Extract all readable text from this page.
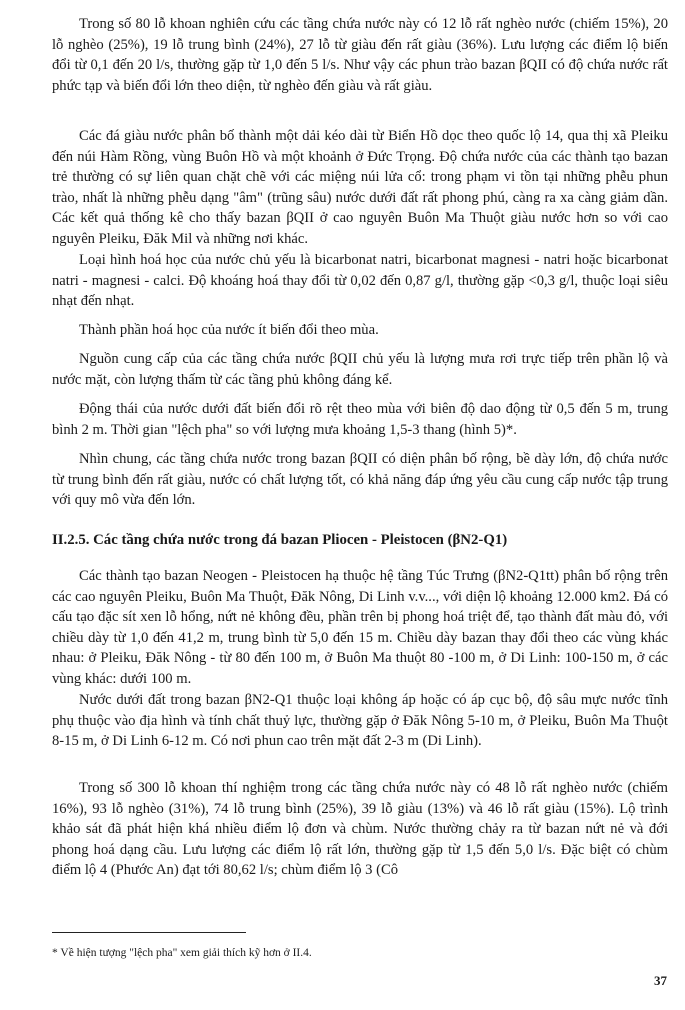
Trong số 80 lỗ khoan nghiên cứu các tầng chứa nước này có 12 lỗ rất nghèo nước (chiếm 15%), 20 lỗ nghèo (25%), 19 lỗ trung bình (24%), 27 lỗ từ giàu đến rất giàu (36%). Lưu lượng các điểm lộ biến đổi từ 0,1 đến 20 l/s, thường gặp từ 1,0 đến 5 l/s. Như vậy các phun trào bazan βQII có độ chứa nước rất phức tạp và biến đổi lớn theo diện, từ nghèo đến giàu và rất giàu.

Các đá giàu nước phân bố thành một dải kéo dài từ Biển Hồ dọc theo quốc lộ 14, qua thị xã Pleiku đến núi Hàm Rồng, vùng Buôn Hồ và một khoảnh ở Đức Trọng. Độ chứa nước của các thành tạo bazan trẻ thường có sự liên quan chặt chẽ với các miệng núi lửa cổ: trong phạm vi tồn tại những phễu phun trào, nhất là những phễu dạng "âm" (trũng sâu) nước dưới đất rất phong phú, càng ra xa càng giảm dần. Các kết quả thống kê cho thấy bazan βQII ở cao nguyên Buôn Ma Thuột giàu nước hơn so với cao nguyên Pleiku, Đăk Mil và những nơi khác.

Loại hình hoá học của nước chủ yếu là bicarbonat natri, bicarbonat magnesi - natri hoặc bicarbonat natri - magnesi - calci. Độ khoáng hoá thay đổi từ 0,02 đến 0,87 g/l, thường gặp <0,3 g/l, thuộc loại siêu nhạt đến nhạt.

Thành phần hoá học của nước ít biến đổi theo mùa.

Nguồn cung cấp của các tầng chứa nước βQII chủ yếu là lượng mưa rơi trực tiếp trên phần lộ và nước mặt, còn lượng thấm từ các tầng phủ không đáng kể.

Động thái của nước dưới đất biến đổi rõ rệt theo mùa với biên độ dao động từ 0,5 đến 5 m, trung bình 2 m. Thời gian "lệch pha" so với lượng mưa khoảng 1,5-3 thang (hình 5)*.

Nhìn chung, các tầng chứa nước trong bazan βQII có diện phân bố rộng, bề dày lớn, độ chứa nước từ trung bình đến rất giàu, nước có chất lượng tốt, có khả năng đáp ứng yêu cầu cung cấp nước tập trung với quy mô vừa đến lớn.

II.2.5. Các tầng chứa nước trong đá bazan Pliocen - Pleistocen (βN2-Q1)

Các thành tạo bazan Neogen - Pleistocen hạ thuộc hệ tầng Túc Trưng (βN2-Q1tt) phân bố rộng trên các cao nguyên Pleiku, Buôn Ma Thuột, Đăk Nông, Di Linh v.v..., với diện lộ khoảng 12.000 km2. Đá có cấu tạo đặc sít xen lỗ hổng, nứt nẻ không đều, phần trên bị phong hoá triệt để, tạo thành đất màu đỏ, với chiều dày từ 1,0 đến 41,2 m, trung bình từ 5,0 đến 15 m. Chiều dày bazan thay đổi theo các vùng khác nhau: ở Pleiku, Đăk Nông - từ 80 đến 100 m, ở Buôn Ma thuột 80 -100 m, ở Di Linh: 100-150 m, ở các vùng khác: dưới 100 m.

Nước dưới đất trong bazan βN2-Q1 thuộc loại không áp hoặc có áp cục bộ, độ sâu mực nước tĩnh phụ thuộc vào địa hình và tính chất thuỷ lực, thường gặp ở Đăk Nông 5-10 m, ở Pleiku, Buôn Ma Thuột 8-15 m, ở Di Linh 6-12 m. Có nơi phun cao trên mặt đất 2-3 m (Di Linh).

Trong số 300 lỗ khoan thí nghiệm trong các tầng chứa nước này có 48 lỗ rất nghèo nước (chiếm 16%), 93 lỗ nghèo (31%), 74 lỗ trung bình (25%), 39 lỗ giàu (13%) và 46 lỗ rất giàu (15%). Lộ trình khảo sát đã phát hiện khá nhiều điểm lộ đơn và chùm. Nước thường chảy ra từ bazan nứt nẻ và đới phong hoá dạng cầu. Lưu lượng các điểm lộ rất lớn, thường gặp từ 1,5 đến 5,0 l/s. Đặc biệt có chùm điểm lộ 4 (Phước An) đạt tới 80,62 l/s; chùm điểm lộ 3 (Cô

* Về hiện tượng "lệch pha" xem giải thích kỹ hơn ở II.4.

37
